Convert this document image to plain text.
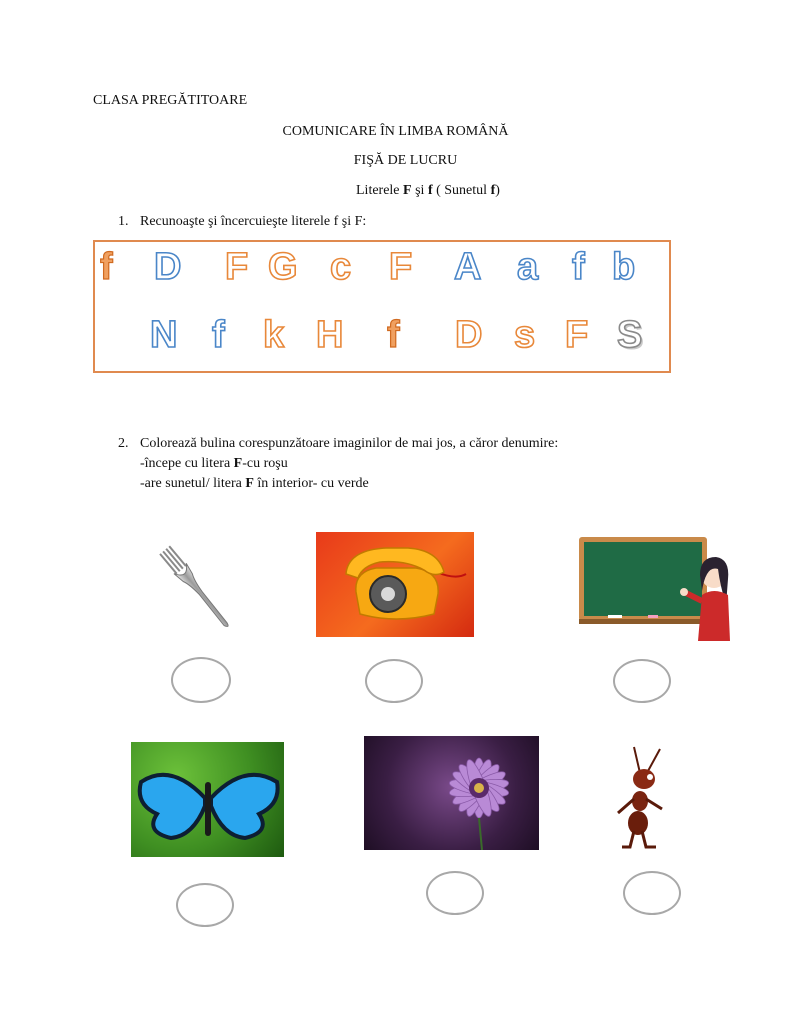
CLASA PREGĂTITOARE
COMUNICARE ÎN LIMBA ROMÂNĂ
FIŞĂ DE LUCRU
Literele F şi f ( Sunetul f)
1. Recunoaşte şi încercuieşte literele f şi F:
f D F G c F A a f b
N f k H f D s F S
2. Colorează bulina corespunzătoare imaginilor de mai jos, a căror denumire:
-începe cu litera F-cu roşu
-are sunetul/ litera F în interior- cu verde
